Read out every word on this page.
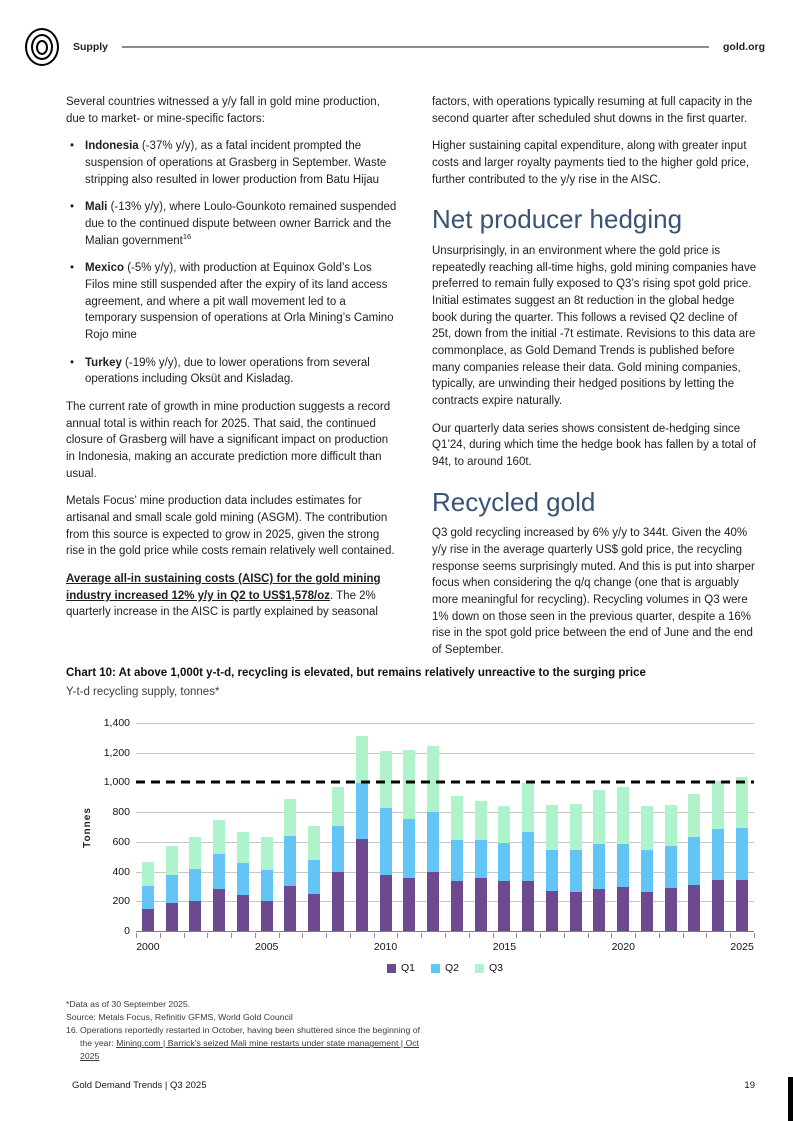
Supply	gold.org

Several countries witnessed a y/y fall in gold mine production, due to market- or mine-specific factors:

• Indonesia (-37% y/y), as a fatal incident prompted the suspension of operations at Grasberg in September. Waste stripping also resulted in lower production from Batu Hijau
• Mali (-13% y/y), where Loulo-Gounkoto remained suspended due to the continued dispute between owner Barrick and the Malian government$^{16}$
• Mexico (-5% y/y), with production at Equinox Gold’s Los Filos mine still suspended after the expiry of its land access agreement, and where a pit wall movement led to a temporary suspension of operations at Orla Mining’s Camino Rojo mine
• Turkey (-19% y/y), due to lower operations from several operations including Oksüt and Kisladag.

The current rate of growth in mine production suggests a record annual total is within reach for 2025. That said, the continued closure of Grasberg will have a significant impact on production in Indonesia, making an accurate prediction more difficult than usual.

Metals Focus’ mine production data includes estimates for artisanal and small scale gold mining (ASGM). The contribution from this source is expected to grow in 2025, given the strong rise in the gold price while costs remain relatively well contained.

Average all-in sustaining costs (AISC) for the gold mining industry increased 12% y/y in Q2 to US$1,578/oz. The 2% quarterly increase in the AISC is partly explained by seasonal

factors, with operations typically resuming at full capacity in the second quarter after scheduled shut downs in the first quarter.

Higher sustaining capital expenditure, along with greater input costs and larger royalty payments tied to the higher gold price, further contributed to the y/y rise in the AISC.

Net producer hedging

Unsurprisingly, in an environment where the gold price is repeatedly reaching all-time highs, gold mining companies have preferred to remain fully exposed to Q3’s rising spot gold price. Initial estimates suggest an 8t reduction in the global hedge book during the quarter. This follows a revised Q2 decline of 25t, down from the initial -7t estimate. Revisions to this data are commonplace, as Gold Demand Trends is published before many companies release their data. Gold mining companies, typically, are unwinding their hedged positions by letting the contracts expire naturally.

Our quarterly data series shows consistent de-hedging since Q1’24, during which time the hedge book has fallen by a total of 94t, to around 160t.

Recycled gold

Q3 gold recycling increased by 6% y/y to 344t. Given the 40% y/y rise in the average quarterly US$ gold price, the recycling response seems surprisingly muted. And this is put into sharper focus when considering the q/q change (one that is arguably more meaningful for recycling). Recycling volumes in Q3 were 1% down on those seen in the previous quarter, despite a 16% rise in the spot gold price between the end of June and the end of September.

Chart 10: At above 1,000t y-t-d, recycling is elevated, but remains relatively unreactive to the surging price

Y-t-d recycling supply, tonnes*

Tonnes
0
200
400
600
800
1,000
1,200
1,400
2000	2005	2010	2015	2020	2025
Q1	Q2	Q3
*Data as of 30 September 2025.
Source: Metals Focus, Refinitiv GFMS, World Gold Council
16. Operations reportedly restarted in October, having been shuttered since the beginning of the year: Mining.com | Barrick’s seized Mali mine restarts under state management | Oct 2025
Gold Demand Trends | Q3 2025	19
